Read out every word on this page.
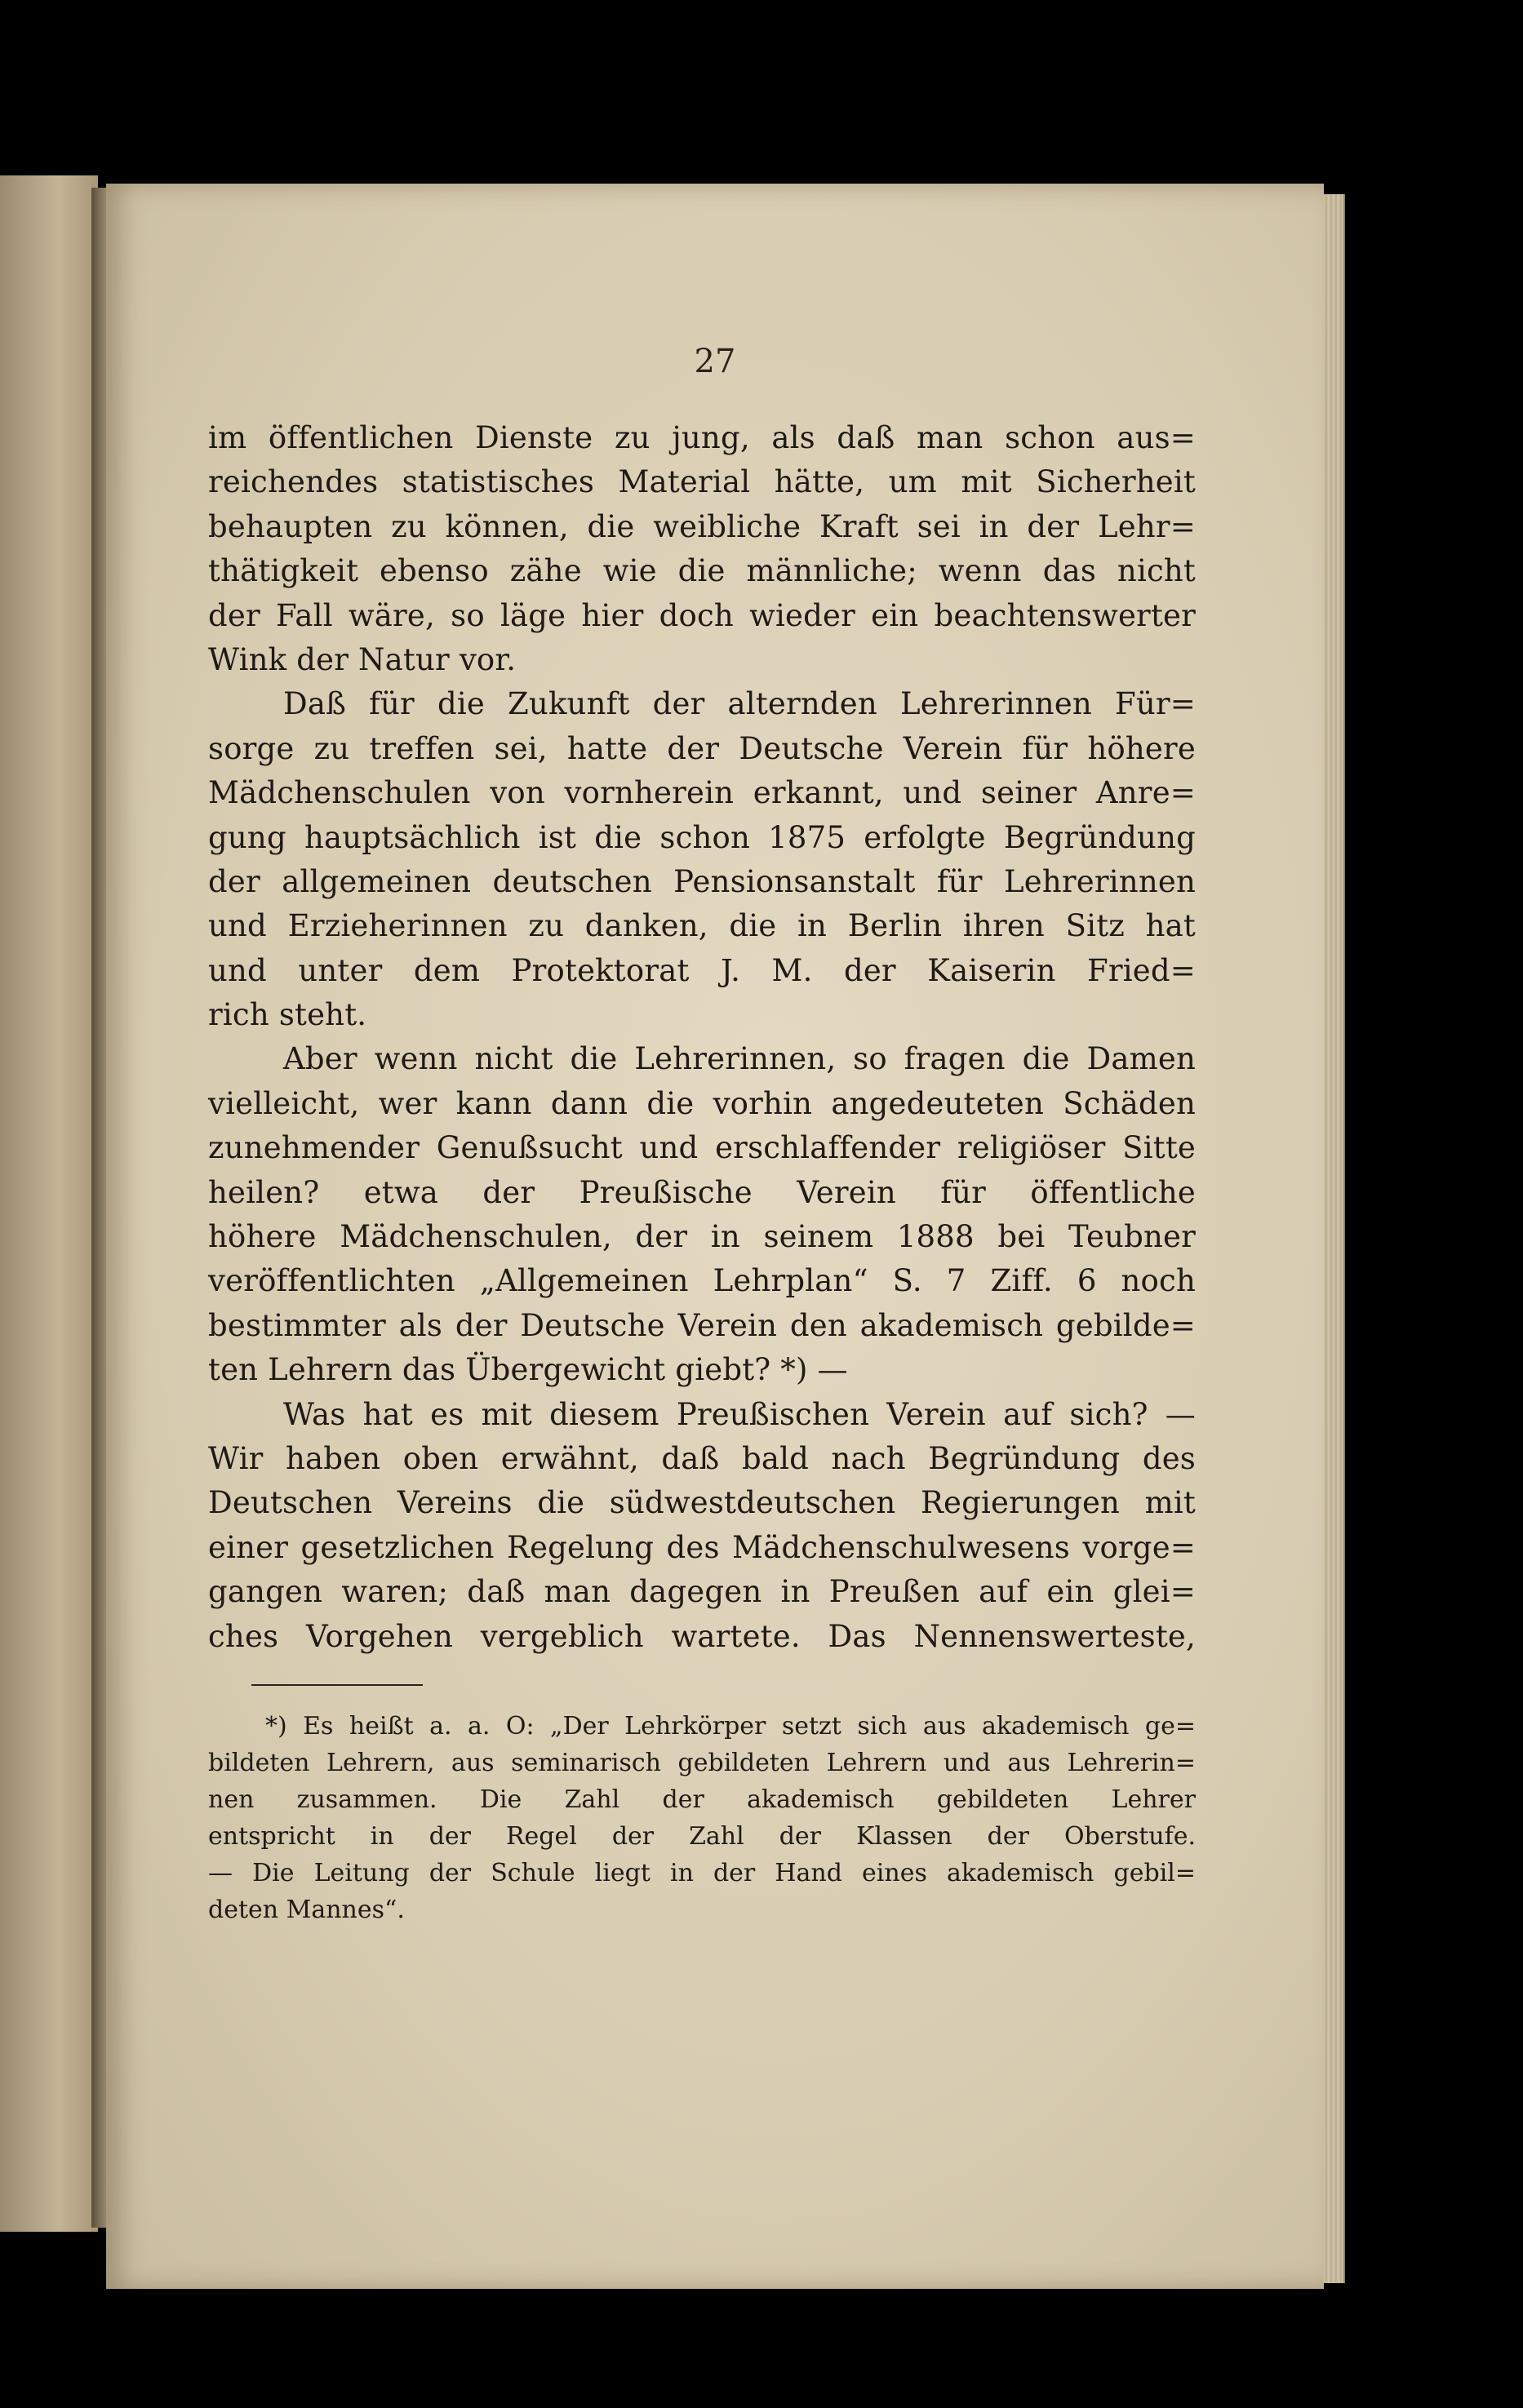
27
im öffentlichen Dienste zu jung, als daß man schon aus=
reichendes statistisches Material hätte, um mit Sicherheit
behaupten zu können, die weibliche Kraft sei in der Lehr=
thätigkeit ebenso zähe wie die männliche; wenn das nicht
der Fall wäre, so läge hier doch wieder ein beachtenswerter
Wink der Natur vor.
Daß für die Zukunft der alternden Lehrerinnen Für=
sorge zu treffen sei, hatte der Deutsche Verein für höhere
Mädchenschulen von vornherein erkannt, und seiner Anre=
gung hauptsächlich ist die schon 1875 erfolgte Begründung
der allgemeinen deutschen Pensionsanstalt für Lehrerinnen
und Erzieherinnen zu danken, die in Berlin ihren Sitz hat
und unter dem Protektorat J. M. der Kaiserin Fried=
rich steht.
Aber wenn nicht die Lehrerinnen, so fragen die Damen
vielleicht, wer kann dann die vorhin angedeuteten Schäden
zunehmender Genußsucht und erschlaffender religiöser Sitte
heilen? etwa der Preußische Verein für öffentliche
höhere Mädchenschulen, der in seinem 1888 bei Teubner
veröffentlichten „Allgemeinen Lehrplan“ S. 7 Ziff. 6 noch
bestimmter als der Deutsche Verein den akademisch gebilde=
ten Lehrern das Übergewicht giebt? *) —
Was hat es mit diesem Preußischen Verein auf sich? —
Wir haben oben erwähnt, daß bald nach Begründung des
Deutschen Vereins die südwestdeutschen Regierungen mit
einer gesetzlichen Regelung des Mädchenschulwesens vorge=
gangen waren; daß man dagegen in Preußen auf ein glei=
ches Vorgehen vergeblich wartete. Das Nennenswerteste,
*) Es heißt a. a. O: „Der Lehrkörper setzt sich aus akademisch ge=
bildeten Lehrern, aus seminarisch gebildeten Lehrern und aus Lehrerin=
nen zusammen. Die Zahl der akademisch gebildeten Lehrer
entspricht in der Regel der Zahl der Klassen der Oberstufe.
— Die Leitung der Schule liegt in der Hand eines akademisch gebil=
deten Mannes“.
